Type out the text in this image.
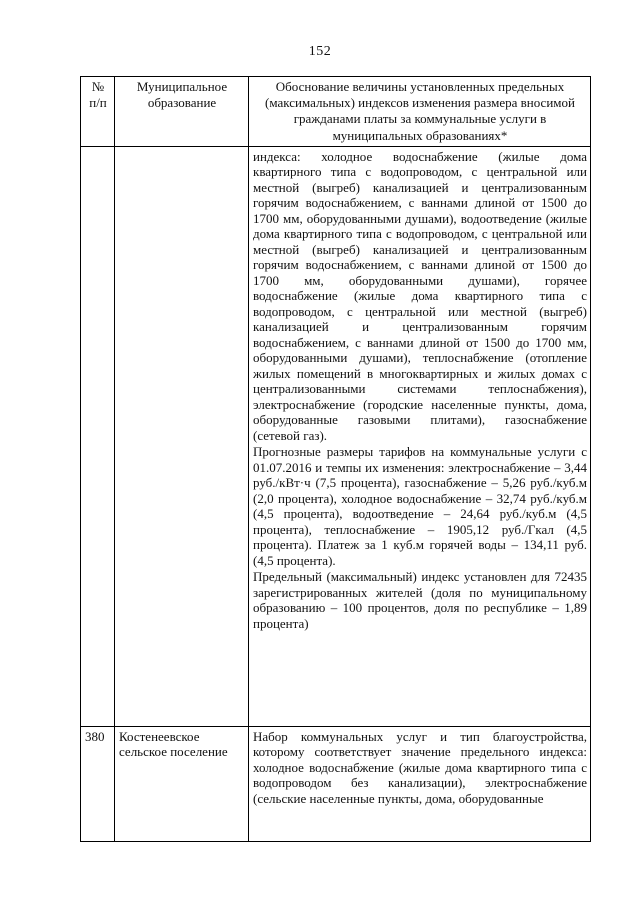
152
№ п/п	Муниципальное образование	Обоснование величины установленных предельных (максимальных) индексов изменения размера вносимой гражданами платы за коммунальные услуги в муниципальных образованиях*

		индекса: холодное водоснабжение (жилые дома квартирного типа с водопроводом, с центральной или местной (выгреб) канализацией и централизованным горячим водоснабжением, с ваннами длиной от 1500 до 1700 мм, оборудованными душами), водоотведение (жилые дома квартирного типа с водопроводом, с центральной или местной (выгреб) канализацией и централизованным горячим водоснабжением, с ваннами длиной от 1500 до 1700 мм, оборудованными душами), горячее водоснабжение (жилые дома квартирного типа с водопроводом, с центральной или местной (выгреб) канализацией и централизованным горячим водоснабжением, с ваннами длиной от 1500 до 1700 мм, оборудованными душами), теплоснабжение (отопление жилых помещений в многоквартирных и жилых домах с централизованными системами теплоснабжения), электроснабжение (городские населенные пункты, дома, оборудованные газовыми плитами), газоснабжение (сетевой газ).

Прогнозные размеры тарифов на коммунальные услуги с 01.07.2016 и темпы их изменения: электроснабжение – 3,44 руб./кВт·ч (7,5 процента), газоснабжение – 5,26 руб./куб.м (2,0 процента), холодное водоснабжение – 32,74 руб./куб.м (4,5 процента), водоотведение – 24,64 руб./куб.м (4,5 процента), теплоснабжение – 1905,12 руб./Гкал (4,5 процента). Платеж за 1 куб.м горячей воды – 134,11 руб. (4,5 процента).

Предельный (максимальный) индекс установлен для 72435 зарегистрированных жителей (доля по муниципальному образованию – 100 процентов, доля по республике – 1,89 процента)

380	Костенеевское сельское поселение	Набор коммунальных услуг и тип благоустройства, которому соответствует значение предельного индекса: холодное водоснабжение (жилые дома квартирного типа с водопроводом без канализации), электроснабжение (сельские населенные пункты, дома, оборудованные
